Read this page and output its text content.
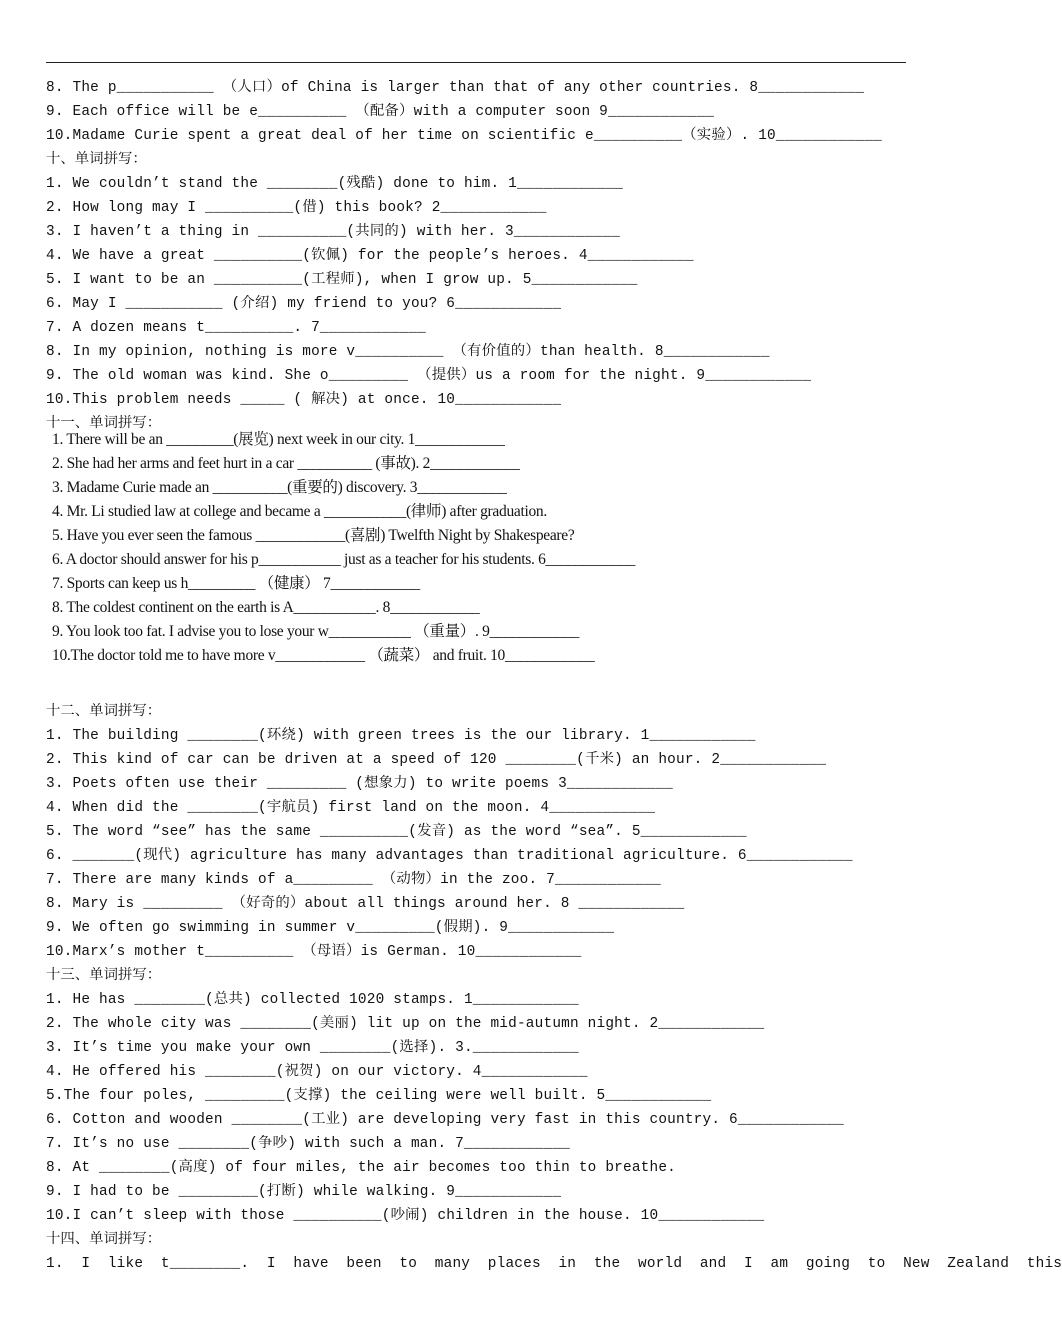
8. The p___________ （人口）of China is larger than that of any other countries. 8____________
9. Each office will be e__________ （配备）with a computer soon 9____________
10.Madame Curie spent a great deal of her time on scientific e__________（实验）. 10____________
十、单词拼写：
1. We couldn’t stand the ________(残酷) done to him. 1____________
2. How long may I __________(借) this book? 2____________
3. I haven’t a thing in __________(共同的) with her. 3____________
4. We have a great __________(钦佩) for the people’s heroes. 4____________
5. I want to be an __________(工程师), when I grow up. 5____________
6. May I ___________ (介绍) my friend to you? 6____________
7. A dozen means t__________. 7____________
8. In my opinion, nothing is more v__________ （有价值的）than health. 8____________
9. The old woman was kind. She o_________ （提供）us a room for the night. 9____________
10.This problem needs _____ ( 解决) at once. 10____________
十一、单词拼写：
1. There will be an _________(展览) next week in our city. 1____________
2. She had her arms and feet hurt in a car __________ (事故). 2____________
3. Madame Curie made an __________(重要的) discovery. 3____________
4. Mr. Li studied law at college and became a ___________(律师) after graduation.
5. Have you ever seen the famous ____________(喜剧) Twelfth Night by Shakespeare?
6. A doctor should answer for his p___________ just as a teacher for his students. 6____________
7. Sports can keep us h_________ （健康） 7____________
8. The coldest continent on the earth is A___________. 8____________
9. You look too fat. I advise you to lose your w___________ （重量）. 9____________
10.The doctor told me to have more v____________ （蔬菜） and fruit. 10____________
十二、单词拼写：
1. The building ________(环绕) with green trees is the our library. 1____________
2. This kind of car can be driven at a speed of 120 ________(千米) an hour. 2____________
3. Poets often use their _________ (想象力) to write poems 3____________
4. When did the ________(宇航员) first land on the moon. 4____________
5. The word “see” has the same __________(发音) as the word “sea”. 5____________
6. _______(现代) agriculture has many advantages than traditional agriculture. 6____________
7. There are many kinds of a_________ （动物）in the zoo. 7____________
8. Mary is _________ （好奇的）about all things around her. 8 ____________
9. We often go swimming in summer v_________(假期). 9____________
10.Marx’s mother t__________ （母语）is German. 10____________
十三、单词拼写：
1. He has ________(总共) collected 1020 stamps. 1____________
2. The whole city was ________(美丽) lit up on the mid-autumn night. 2____________
3. It’s time you make your own ________(选择). 3.____________
4. He offered his ________(祝贺) on our victory. 4____________
5.The four poles, _________(支撑) the ceiling were well built. 5____________
6. Cotton and wooden ________(工业) are developing very fast in this country. 6____________
7. It’s no use ________(争吵) with such a man. 7____________
8. At ________(高度) of four miles, the air becomes too thin to breathe.
9. I had to be _________(打断) while walking. 9____________
10.I can’t sleep with those __________(吵闹) children in the house. 10____________
十四、单词拼写：
1.  I  like  t________.  I  have  been  to  many  places  in  the  world  and  I  am  going  to  New  Zealand  this
